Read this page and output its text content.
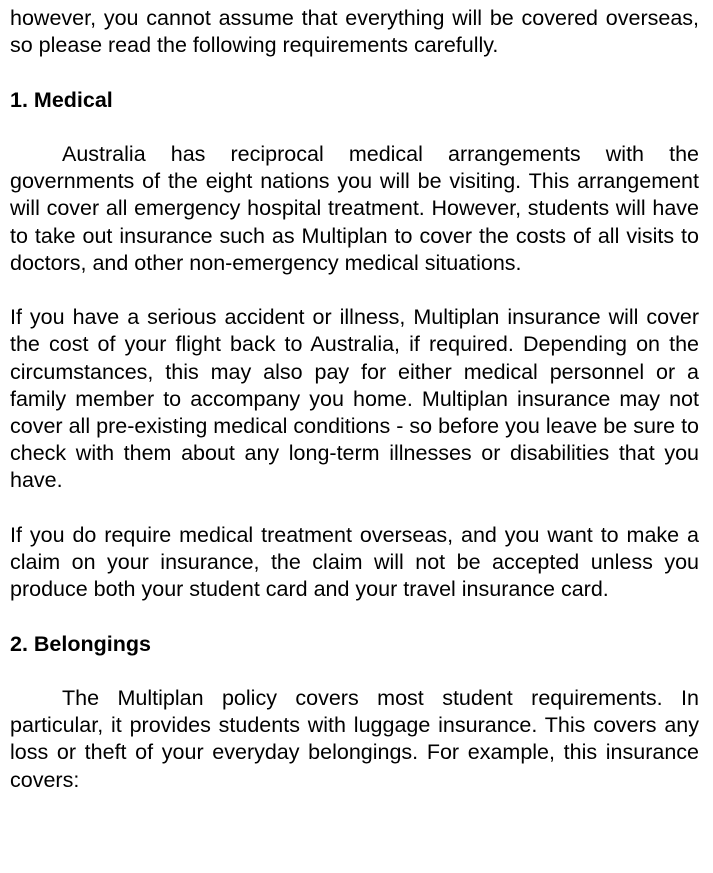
however, you cannot assume that everything will be covered overseas, so please read the following requirements carefully.

1. Medical

Australia has reciprocal medical arrangements with the governments of the eight nations you will be visiting. This arrangement will cover all emergency hospital treatment. However, students will have to take out insurance such as Multiplan to cover the costs of all visits to doctors, and other non-emergency medical situations.

If you have a serious accident or illness, Multiplan insurance will cover the cost of your flight back to Australia, if required. Depending on the circumstances, this may also pay for either medical personnel or a family member to accompany you home. Multiplan insurance may not cover all pre-existing medical conditions - so before you leave be sure to check with them about any long-term illnesses or disabilities that you have.

If you do require medical treatment overseas, and you want to make a claim on your insurance, the claim will not be accepted unless you produce both your student card and your travel insurance card.

2. Belongings

The Multiplan policy covers most student requirements. In particular, it provides students with luggage insurance. This covers any loss or theft of your everyday belongings. For example, this insurance covers:
